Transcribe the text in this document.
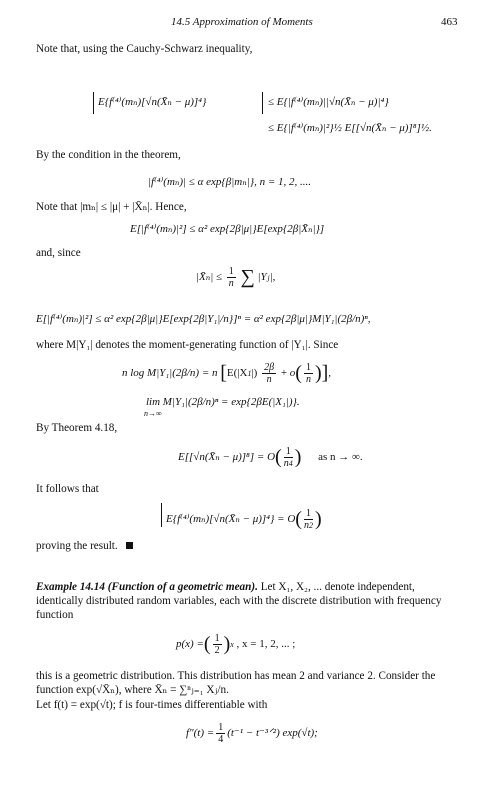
14.5 Approximation of Moments	463
Note that, using the Cauchy-Schwarz inequality,
E{f⁽⁴⁾(mₙ)[√n(X̄ₙ − μ)]⁴}	≤ E{|f⁽⁴⁾(mₙ)||√n(X̄ₙ − μ)|⁴}
≤ E{|f⁽⁴⁾(mₙ)|²}½ E[[√n(X̄ₙ − μ)]⁸]½.
By the condition in the theorem,
|f⁽⁴⁾(mₙ)| ≤ α exp{β|mₙ|}, n = 1, 2, ....
Note that |mₙ| ≤ |μ| + |X̄ₙ|. Hence,
E[|f⁽⁴⁾(mₙ)|²] ≤ α² exp{2β|μ|}E[exp{2β|X̄ₙ|}]
and, since
|X̄ₙ| ≤ $\frac{1}{n}$ ∑ |Yⱼ|,
E[|f⁽⁴⁾(mₙ)|²] ≤ α² exp{2β|μ|}E[exp{2β|Y₁|/n}]ⁿ = α² exp{2β|μ|}M|Y₁|(2β/n)ⁿ,
where M|Y₁| denotes the moment-generating function of |Y₁|. Since
n log M|Y₁|(2β/n) = n [$E(|X1|) \frac{2\beta}{n} + o( \frac{1}{n}$ )],
lim M|Y₁|(2β/n)ⁿ = exp{2βE(|X₁|)}.
n→∞
By Theorem 4.18,
E[[√n(X̄ₙ − $\mu)]^8] = O( \frac{1}{n4}$ ) as n → ∞.
It follows that
E{f⁽⁴⁾(mₙ)[√n(X̄ₙ − $\mu)]^4\} = O( \frac{1}{n2}$ )
proving the result.
Example 14.14 (Function of a geometric mean). Let X₁, X₂, ... denote independent,
identically distributed random variables, each with the discrete distribution with frequency
function
p(x) =( $\frac{1}{2} )x$ , x = 1, 2, ... ;
this is a geometric distribution. This distribution has mean 2 and variance 2. Consider the
function exp(√X̄ₙ), where X̄ₙ = ∑ⁿⱼ₌₁ Xⱼ/n.
Let f(t) = exp(√t); f is four-times differentiable with
$f''(t) = \frac{1}{4} (t^{-1}$ − t⁻³ᐟ²) exp(√t);
